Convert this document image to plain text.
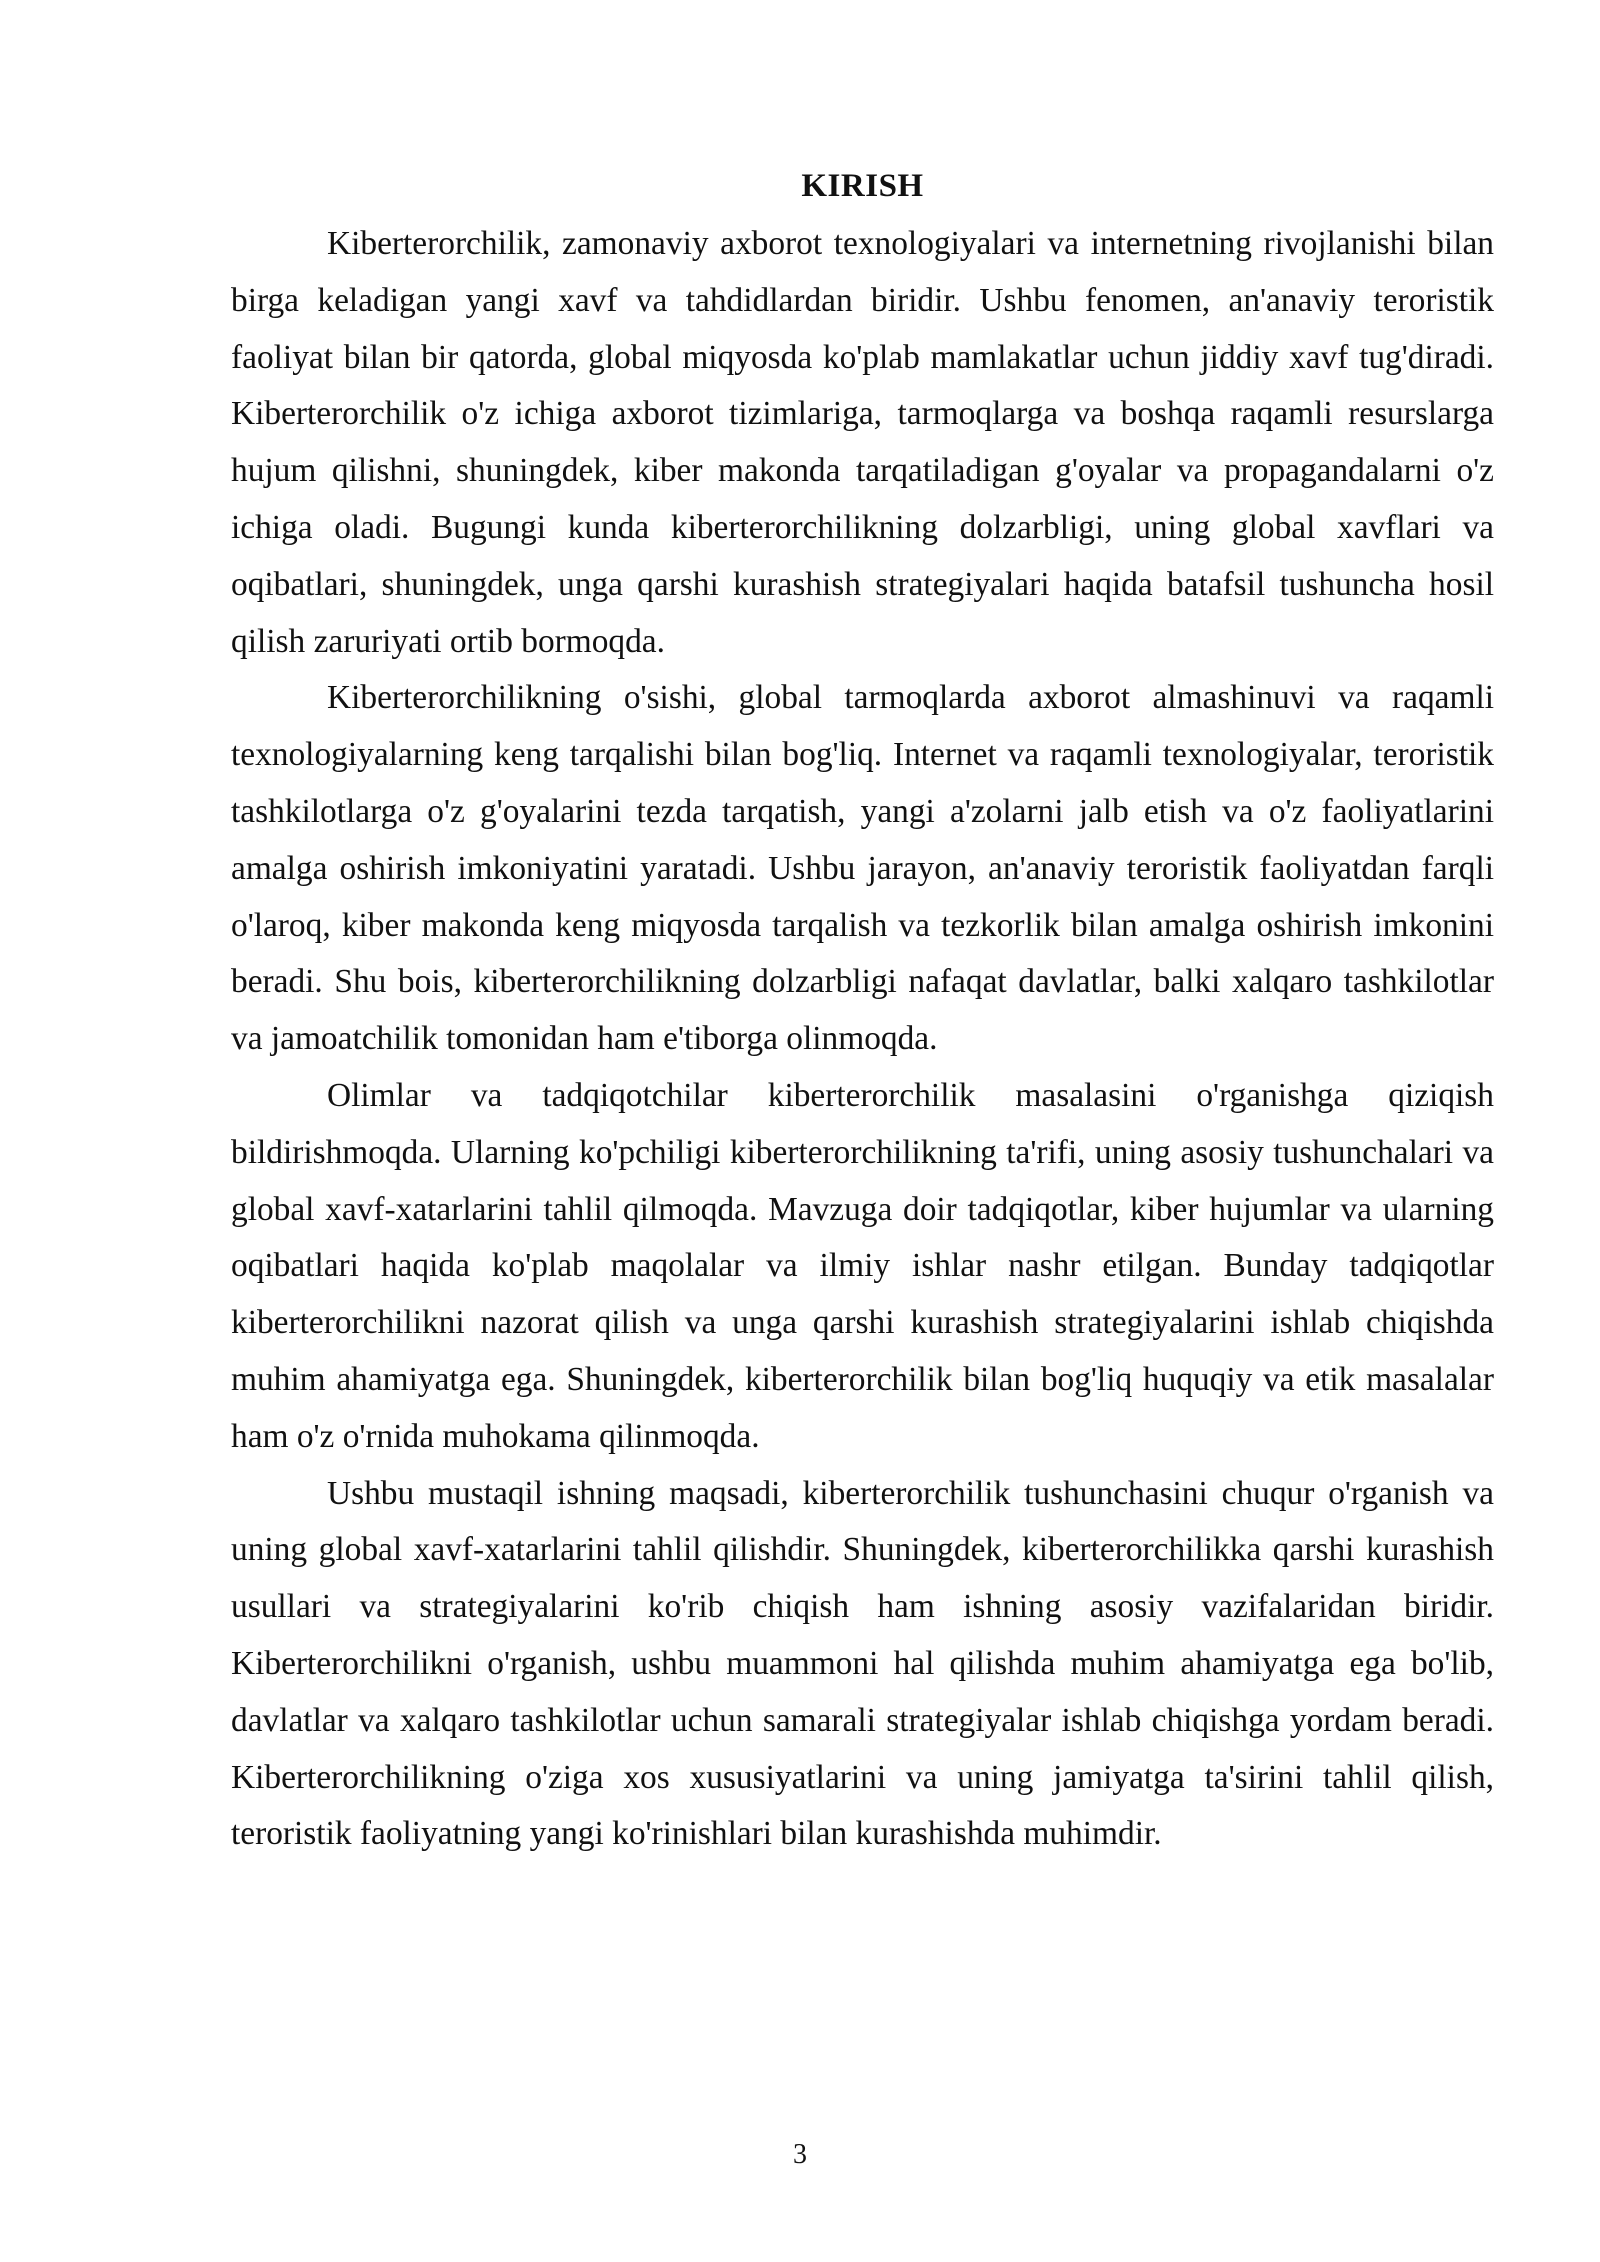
KIRISH

Kiberterorchilik, zamonaviy axborot texnologiyalari va internetning rivojlanishi bilan birga keladigan yangi xavf va tahdidlardan biridir. Ushbu fenomen, an'anaviy teroristik faoliyat bilan bir qatorda, global miqyosda ko'plab mamlakatlar uchun jiddiy xavf tug'diradi. Kiberterorchilik o'z ichiga axborot tizimlariga, tarmoqlarga va boshqa raqamli resurslarga hujum qilishni, shuningdek, kiber makonda tarqatiladigan g'oyalar va propagandalarni o'z ichiga oladi. Bugungi kunda kiberterorchilikning dolzarbligi, uning global xavflari va oqibatlari, shuningdek, unga qarshi kurashish strategiyalari haqida batafsil tushuncha hosil qilish zaruriyati ortib bormoqda.

Kiberterorchilikning o'sishi, global tarmoqlarda axborot almashinuvi va raqamli texnologiyalarning keng tarqalishi bilan bog'liq. Internet va raqamli texnologiyalar, teroristik tashkilotlarga o'z g'oyalarini tezda tarqatish, yangi a'zolarni jalb etish va o'z faoliyatlarini amalga oshirish imkoniyatini yaratadi. Ushbu jarayon, an'anaviy teroristik faoliyatdan farqli o'laroq, kiber makonda keng miqyosda tarqalish va tezkorlik bilan amalga oshirish imkonini beradi. Shu bois, kiberterorchilikning dolzarbligi nafaqat davlatlar, balki xalqaro tashkilotlar va jamoatchilik tomonidan ham e'tiborga olinmoqda.

Olimlar va tadqiqotchilar kiberterorchilik masalasini o'rganishga qiziqish bildirishmoqda. Ularning ko'pchiligi kiberterorchilikning ta'rifi, uning asosiy tushunchalari va global xavf-xatarlarini tahlil qilmoqda. Mavzuga doir tadqiqotlar, kiber hujumlar va ularning oqibatlari haqida ko'plab maqolalar va ilmiy ishlar nashr etilgan. Bunday tadqiqotlar kiberterorchilikni nazorat qilish va unga qarshi kurashish strategiyalarini ishlab chiqishda muhim ahamiyatga ega. Shuningdek, kiberterorchilik bilan bog'liq huquqiy va etik masalalar ham o'z o'rnida muhokama qilinmoqda.

Ushbu mustaqil ishning maqsadi, kiberterorchilik tushunchasini chuqur o'rganish va uning global xavf-xatarlarini tahlil qilishdir. Shuningdek, kiberterorchilikka qarshi kurashish usullari va strategiyalarini ko'rib chiqish ham ishning asosiy vazifalaridan biridir. Kiberterorchilikni o'rganish, ushbu muammoni hal qilishda muhim ahamiyatga ega bo'lib, davlatlar va xalqaro tashkilotlar uchun samarali strategiyalar ishlab chiqishga yordam beradi. Kiberterorchilikning o'ziga xos xususiyatlarini va uning jamiyatga ta'sirini tahlil qilish, teroristik faoliyatning yangi ko'rinishlari bilan kurashishda muhimdir.

3
